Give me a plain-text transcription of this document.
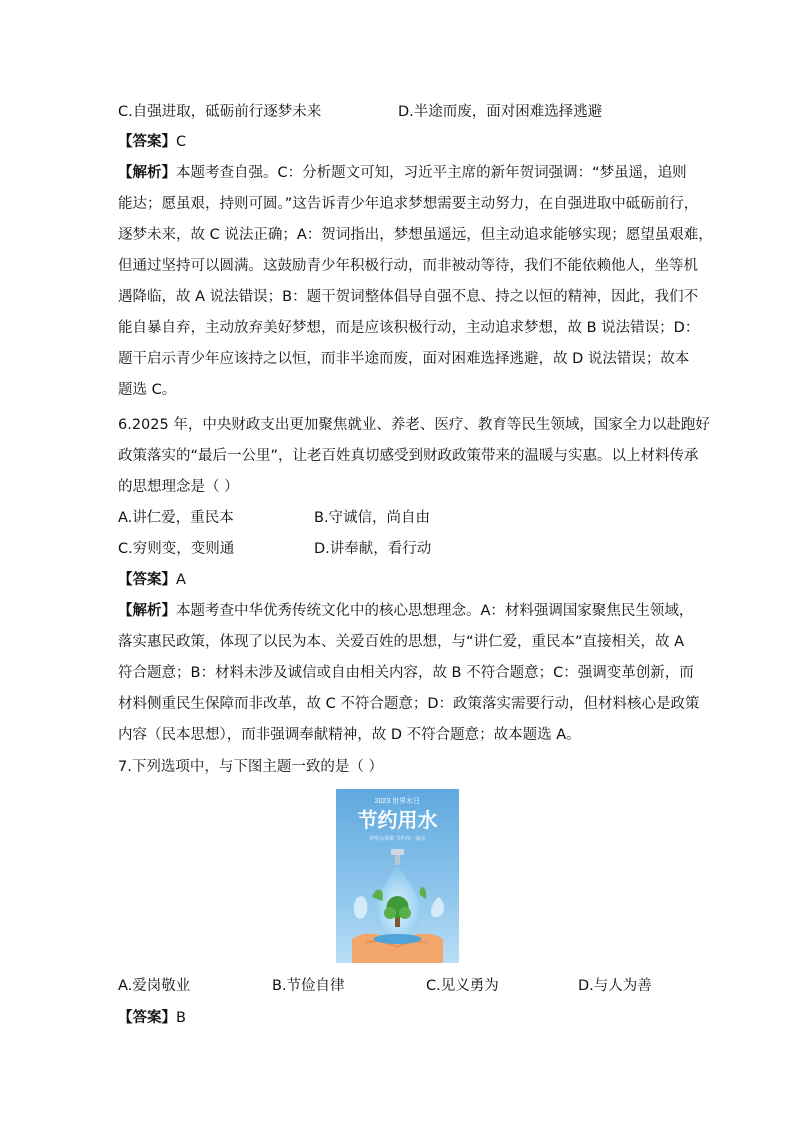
C.自强进取，砥砺前行逐梦未来	D.半途而废，面对困难选择逃避
【答案】C
【解析】本题考查自强。C：分析题文可知，习近平主席的新年贺词强调：“梦虽遥，追则
能达；愿虽艰，持则可圆。”这告诉青少年追求梦想需要主动努力，在自强进取中砥砺前行，
逐梦未来，故 C 说法正确；A：贺词指出，梦想虽遥远，但主动追求能够实现；愿望虽艰难，
但通过坚持可以圆满。这鼓励青少年积极行动，而非被动等待，我们不能依赖他人，坐等机
遇降临，故 A 说法错误；B：题干贺词整体倡导自强不息、持之以恒的精神，因此，我们不
能自暴自弃，主动放弃美好梦想，而是应该积极行动，主动追求梦想，故 B 说法错误；D：
题干启示青少年应该持之以恒，而非半途而废，面对困难选择逃避，故 D 说法错误；故本
题选 C。
6.2025 年，中央财政支出更加聚焦就业、养老、医疗、教育等民生领域，国家全力以赴跑好
政策落实的“最后一公里”，让老百姓真切感受到财政政策带来的温暖与实惠。以上材料传承
的思想理念是（ ）
A.讲仁爱，重民本	B.守诚信，尚自由
C.穷则变，变则通	D.讲奉献，看行动
【答案】A
【解析】本题考查中华优秀传统文化中的核心思想理念。A：材料强调国家聚焦民生领域，
落实惠民政策，体现了以民为本、关爱百姓的思想，与“讲仁爱，重民本”直接相关，故 A
符合题意；B：材料未涉及诚信或自由相关内容，故 B 不符合题意；C：强调变革创新，而
材料侧重民生保障而非改革，故 C 不符合题意；D：政策落实需要行动，但材料核心是政策
内容（民本思想），而非强调奉献精神，故 D 不符合题意；故本题选 A。
7.下列选项中，与下图主题一致的是（ ）
2023 世界水日
节约用水
珍惜水资源 节约每一滴水
A.爱岗敬业	B.节俭自律	C.见义勇为	D.与人为善
【答案】B
